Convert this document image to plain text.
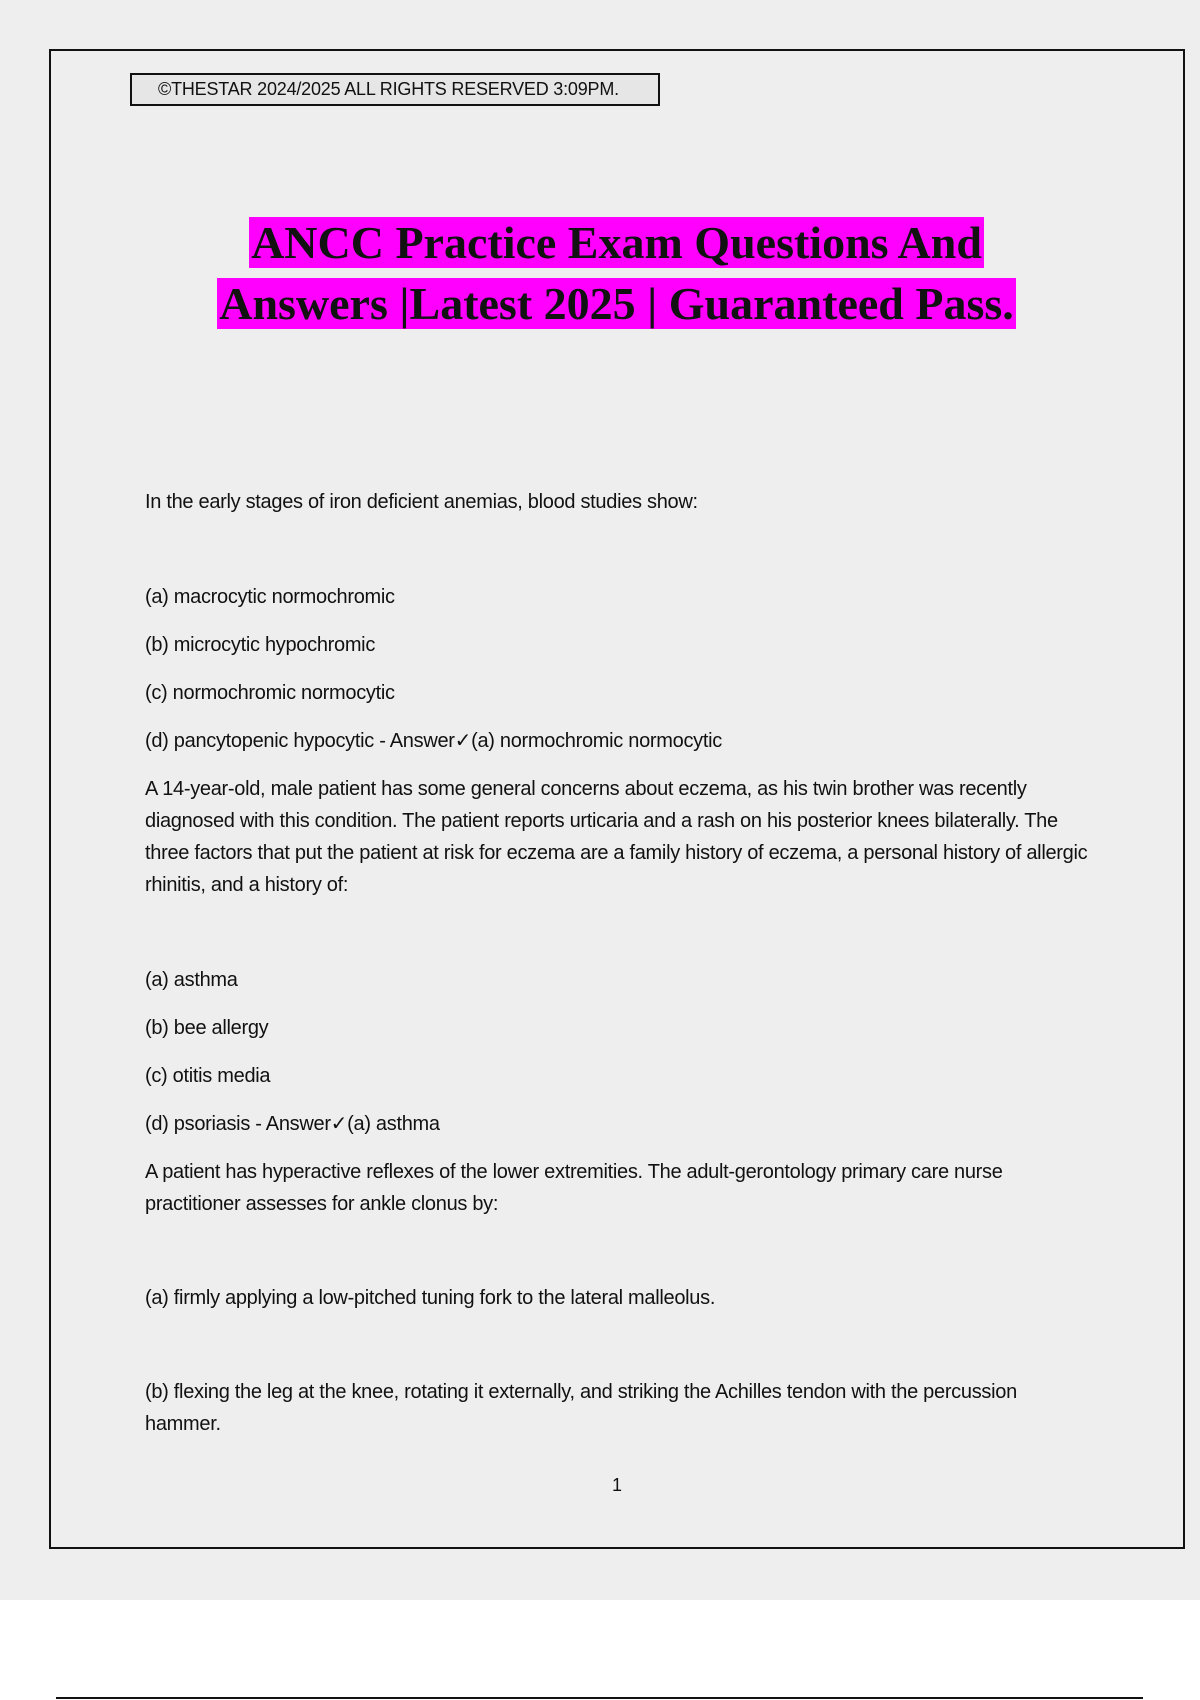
©THESTAR 2024/2025 ALL RIGHTS RESERVED 3:09PM.
ANCC Practice Exam Questions And
Answers |Latest 2025 | Guaranteed Pass.

In the early stages of iron deficient anemias, blood studies show:

(a) macrocytic normochromic

(b) microcytic hypochromic

(c) normochromic normocytic

(d) pancytopenic hypocytic - Answer✓(a) normochromic normocytic

A 14-year-old, male patient has some general concerns about eczema, as his twin brother was recently diagnosed with this condition. The patient reports urticaria and a rash on his posterior knees bilaterally. The three factors that put the patient at risk for eczema are a family history of eczema, a personal history of allergic rhinitis, and a history of:

(a) asthma

(b) bee allergy

(c) otitis media

(d) psoriasis - Answer✓(a) asthma

A patient has hyperactive reflexes of the lower extremities. The adult-gerontology primary care nurse practitioner assesses for ankle clonus by:

(a) firmly applying a low-pitched tuning fork to the lateral malleolus.

(b) flexing the leg at the knee, rotating it externally, and striking the Achilles tendon with the percussion hammer.

1
